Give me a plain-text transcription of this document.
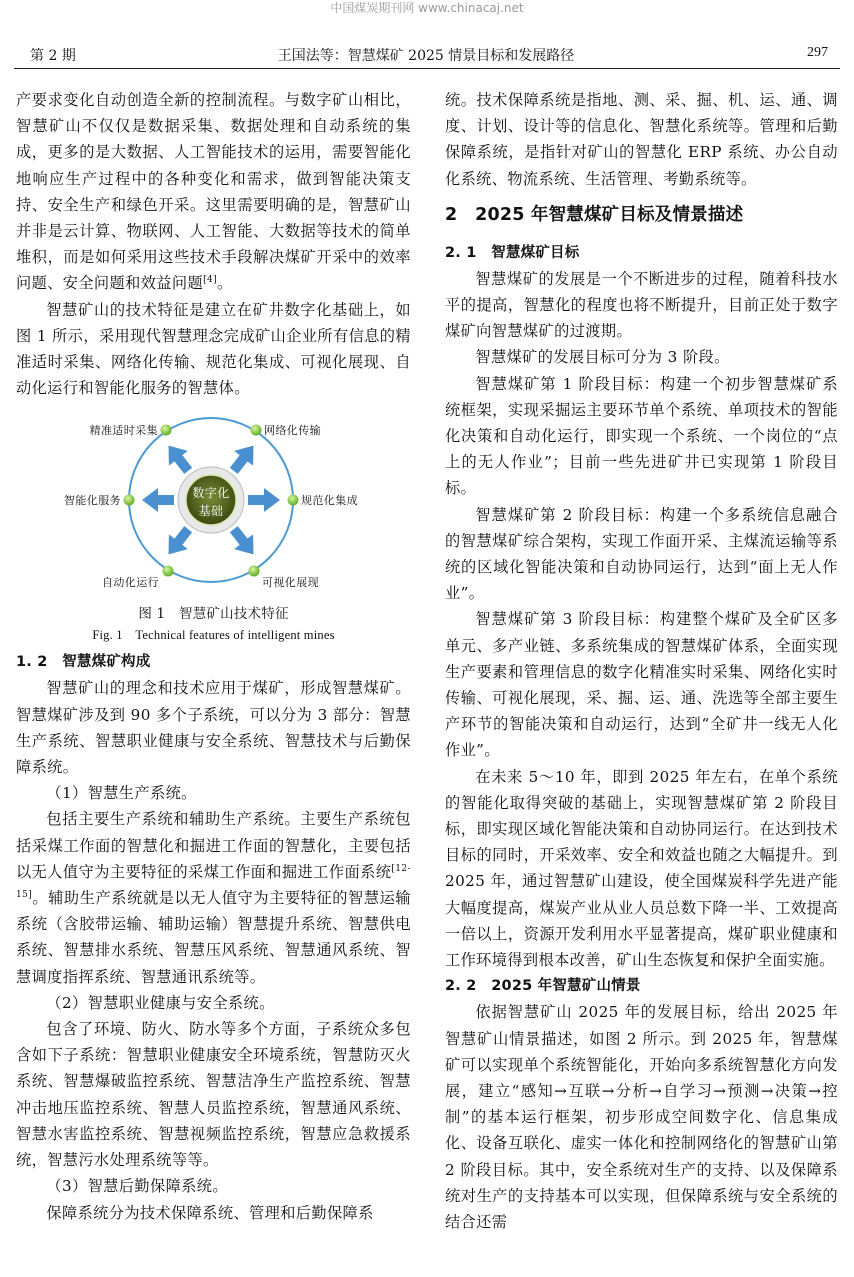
中国煤炭期刊网 www.chinacaj.net
第 2 期	王国法等：智慧煤矿 2025 情景目标和发展路径	297

产要求变化自动创造全新的控制流程。与数字矿山相比，智慧矿山不仅仅是数据采集、数据处理和自动系统的集成，更多的是大数据、人工智能技术的运用，需要智能化地响应生产过程中的各种变化和需求，做到智能决策支持、安全生产和绿色开采。这里需要明确的是，智慧矿山并非是云计算、物联网、人工智能、大数据等技术的简单堆积，而是如何采用这些技术手段解决煤矿开采中的效率问题、安全问题和效益问题[4]。

智慧矿山的技术特征是建立在矿井数字化基础上，如图 1 所示，采用现代智慧理念完成矿山企业所有信息的精准适时采集、网络化传输、规范化集成、可视化展现、自动化运行和智能化服务的智慧体。

数字化
基础
精准适时采集	网络化传输
智能化服务	规范化集成
自动化运行	可视化展现
图 1　智慧矿山技术特征
Fig. 1　Technical features of intelligent mines

1. 2　智慧煤矿构成

智慧矿山的理念和技术应用于煤矿，形成智慧煤矿。智慧煤矿涉及到 90 多个子系统，可以分为 3 部分：智慧生产系统、智慧职业健康与安全系统、智慧技术与后勤保障系统。

（1）智慧生产系统。

包括主要生产系统和辅助生产系统。主要生产系统包括采煤工作面的智慧化和掘进工作面的智慧化，主要包括以无人值守为主要特征的采煤工作面和掘进工作面系统[12-15]。辅助生产系统就是以无人值守为主要特征的智慧运输系统（含胶带运输、辅助运输）智慧提升系统、智慧供电系统、智慧排水系统、智慧压风系统、智慧通风系统、智慧调度指挥系统、智慧通讯系统等。

（2）智慧职业健康与安全系统。

包含了环境、防火、防水等多个方面，子系统众多包含如下子系统：智慧职业健康安全环境系统，智慧防灭火系统、智慧爆破监控系统、智慧洁净生产监控系统、智慧冲击地压监控系统、智慧人员监控系统，智慧通风系统、智慧水害监控系统、智慧视频监控系统，智慧应急救援系统，智慧污水处理系统等等。

（3）智慧后勤保障系统。

保障系统分为技术保障系统、管理和后勤保障系

统。技术保障系统是指地、测、采、掘、机、运、通、调度、计划、设计等的信息化、智慧化系统等。管理和后勤保障系统，是指针对矿山的智慧化 ERP 系统、办公自动化系统、物流系统、生活管理、考勤系统等。

2　2025 年智慧煤矿目标及情景描述

2. 1　智慧煤矿目标

智慧煤矿的发展是一个不断进步的过程，随着科技水平的提高，智慧化的程度也将不断提升，目前正处于数字煤矿向智慧煤矿的过渡期。

智慧煤矿的发展目标可分为 3 阶段。

智慧煤矿第 1 阶段目标：构建一个初步智慧煤矿系统框架，实现采掘运主要环节单个系统、单项技术的智能化决策和自动化运行，即实现一个系统、一个岗位的“点上的无人作业”；目前一些先进矿井已实现第 1 阶段目标。

智慧煤矿第 2 阶段目标：构建一个多系统信息融合的智慧煤矿综合架构，实现工作面开采、主煤流运输等系统的区域化智能决策和自动协同运行，达到“面上无人作业”。

智慧煤矿第 3 阶段目标：构建整个煤矿及全矿区多单元、多产业链、多系统集成的智慧煤矿体系，全面实现生产要素和管理信息的数字化精准实时采集、网络化实时传输、可视化展现，采、掘、运、通、洗选等全部主要生产环节的智能决策和自动运行，达到“全矿井一线无人化作业”。

在未来 5～10 年，即到 2025 年左右，在单个系统的智能化取得突破的基础上，实现智慧煤矿第 2 阶段目标，即实现区域化智能决策和自动协同运行。在达到技术目标的同时，开采效率、安全和效益也随之大幅提升。到 2025 年，通过智慧矿山建设，使全国煤炭科学先进产能大幅度提高，煤炭产业从业人员总数下降一半、工效提高一倍以上，资源开发利用水平显著提高，煤矿职业健康和工作环境得到根本改善，矿山生态恢复和保护全面实施。

2. 2　2025 年智慧矿山情景

依据智慧矿山 2025 年的发展目标，给出 2025 年智慧矿山情景描述，如图 2 所示。到 2025 年，智慧煤矿可以实现单个系统智能化，开始向多系统智慧化方向发展，建立“感知→互联→分析→自学习→预测→决策→控制”的基本运行框架，初步形成空间数字化、信息集成化、设备互联化、虚实一体化和控制网络化的智慧矿山第 2 阶段目标。其中，安全系统对生产的支持、以及保障系统对生产的支持基本可以实现，但保障系统与安全系统的结合还需
